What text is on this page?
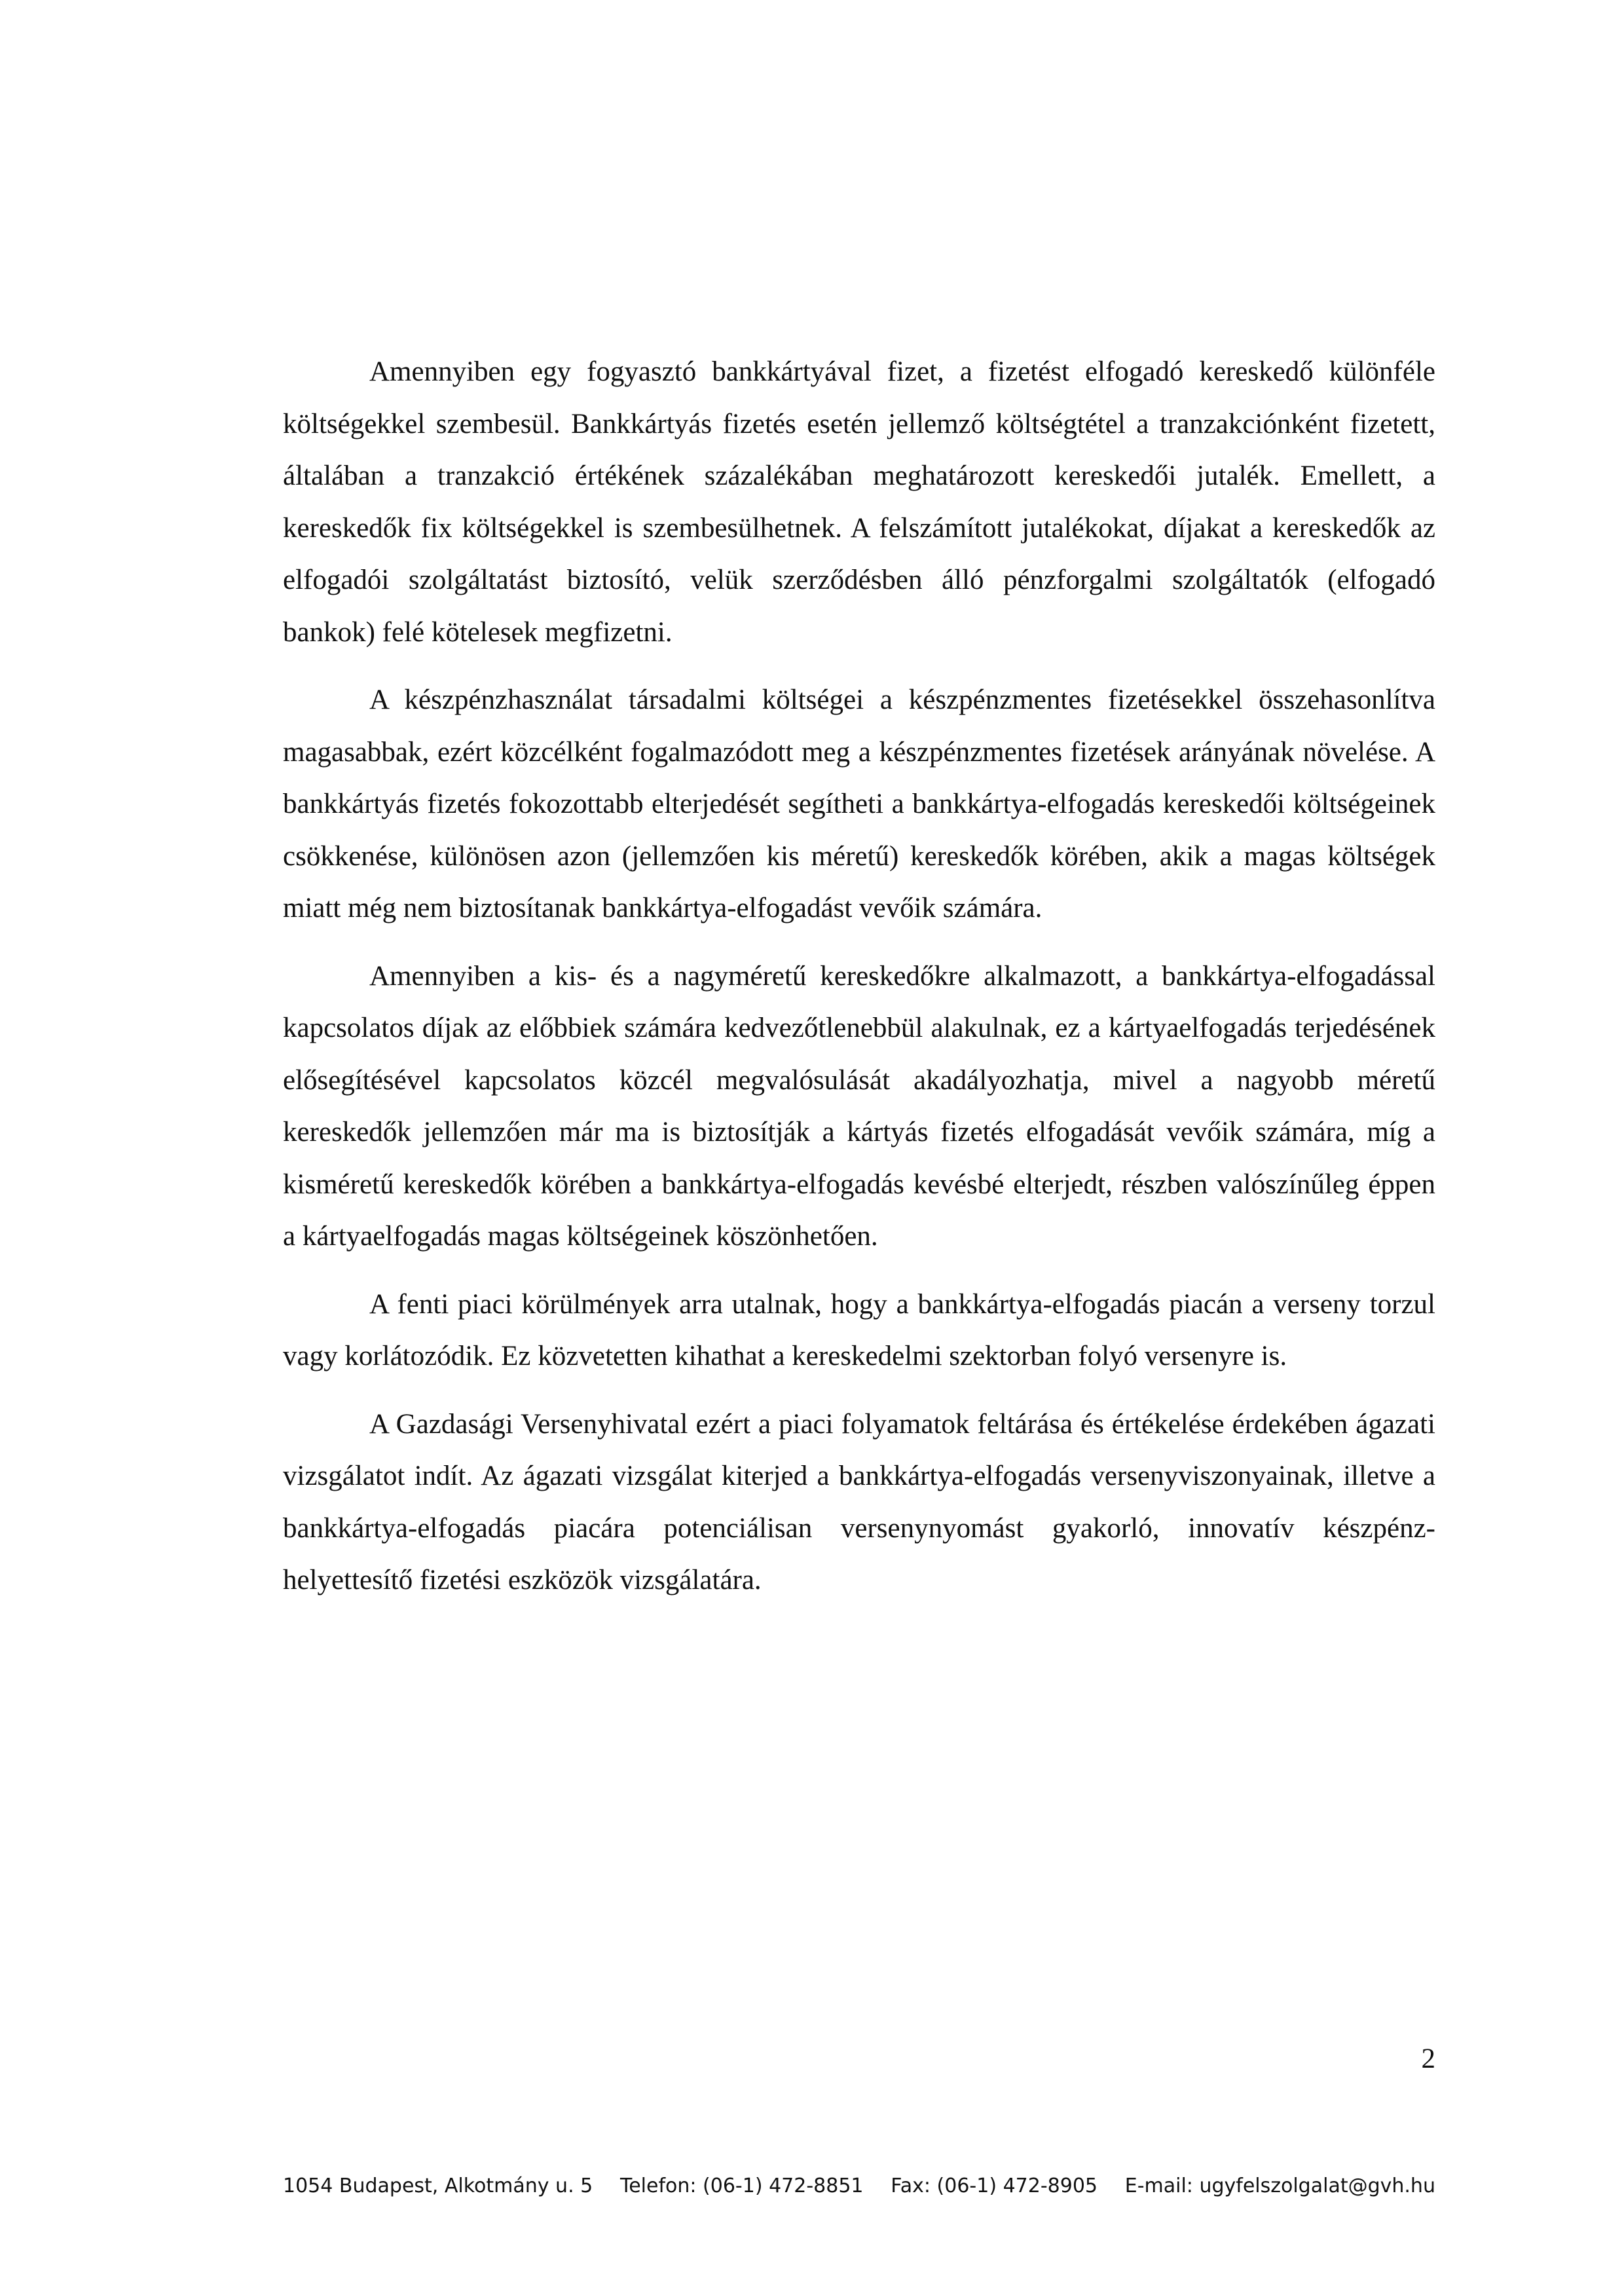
Amennyiben egy fogyasztó bankkártyával fizet, a fizetést elfogadó kereskedő különféle költségekkel szembesül. Bankkártyás fizetés esetén jellemző költségtétel a tranzakciónként fizetett, általában a tranzakció értékének százalékában meghatározott kereskedői jutalék. Emellett, a kereskedők fix költségekkel is szembesülhetnek. A felszámított jutalékokat, díjakat a kereskedők az elfogadói szolgáltatást biztosító, velük szerződésben álló pénzforgalmi szolgáltatók (elfogadó bankok) felé kötelesek megfizetni.

A készpénzhasználat társadalmi költségei a készpénzmentes fizetésekkel összehasonlítva magasabbak, ezért közcélként fogalmazódott meg a készpénzmentes fizetések arányának növelése. A bankkártyás fizetés fokozottabb elterjedését segítheti a bankkártya-elfogadás kereskedői költségeinek csökkenése, különösen azon (jellemzően kis méretű) kereskedők körében, akik a magas költségek miatt még nem biztosítanak bankkártya-elfogadást vevőik számára.

Amennyiben a kis- és a nagyméretű kereskedőkre alkalmazott, a bankkártya-elfogadással kapcsolatos díjak az előbbiek számára kedvezőtlenebbül alakulnak, ez a kártyaelfogadás terjedésének elősegítésével kapcsolatos közcél megvalósulását akadályozhatja, mivel a nagyobb méretű kereskedők jellemzően már ma is biztosítják a kártyás fizetés elfogadását vevőik számára, míg a kisméretű kereskedők körében a bankkártya-elfogadás kevésbé elterjedt, részben valószínűleg éppen a kártyaelfogadás magas költségeinek köszönhetően.

A fenti piaci körülmények arra utalnak, hogy a bankkártya-elfogadás piacán a verseny torzul vagy korlátozódik. Ez közvetetten kihathat a kereskedelmi szektorban folyó versenyre is.

A Gazdasági Versenyhivatal ezért a piaci folyamatok feltárása és értékelése érdekében ágazati vizsgálatot indít. Az ágazati vizsgálat kiterjed a bankkártya-elfogadás versenyviszonyainak, illetve a bankkártya-elfogadás piacára potenciálisan versenynyomást gyakorló, innovatív készpénz-helyettesítő fizetési eszközök vizsgálatára.

2
1054 Budapest, Alkotmány u. 5 Telefon: (06-1) 472-8851 Fax: (06-1) 472-8905 E-mail: ugyfelszolgalat@gvh.hu
